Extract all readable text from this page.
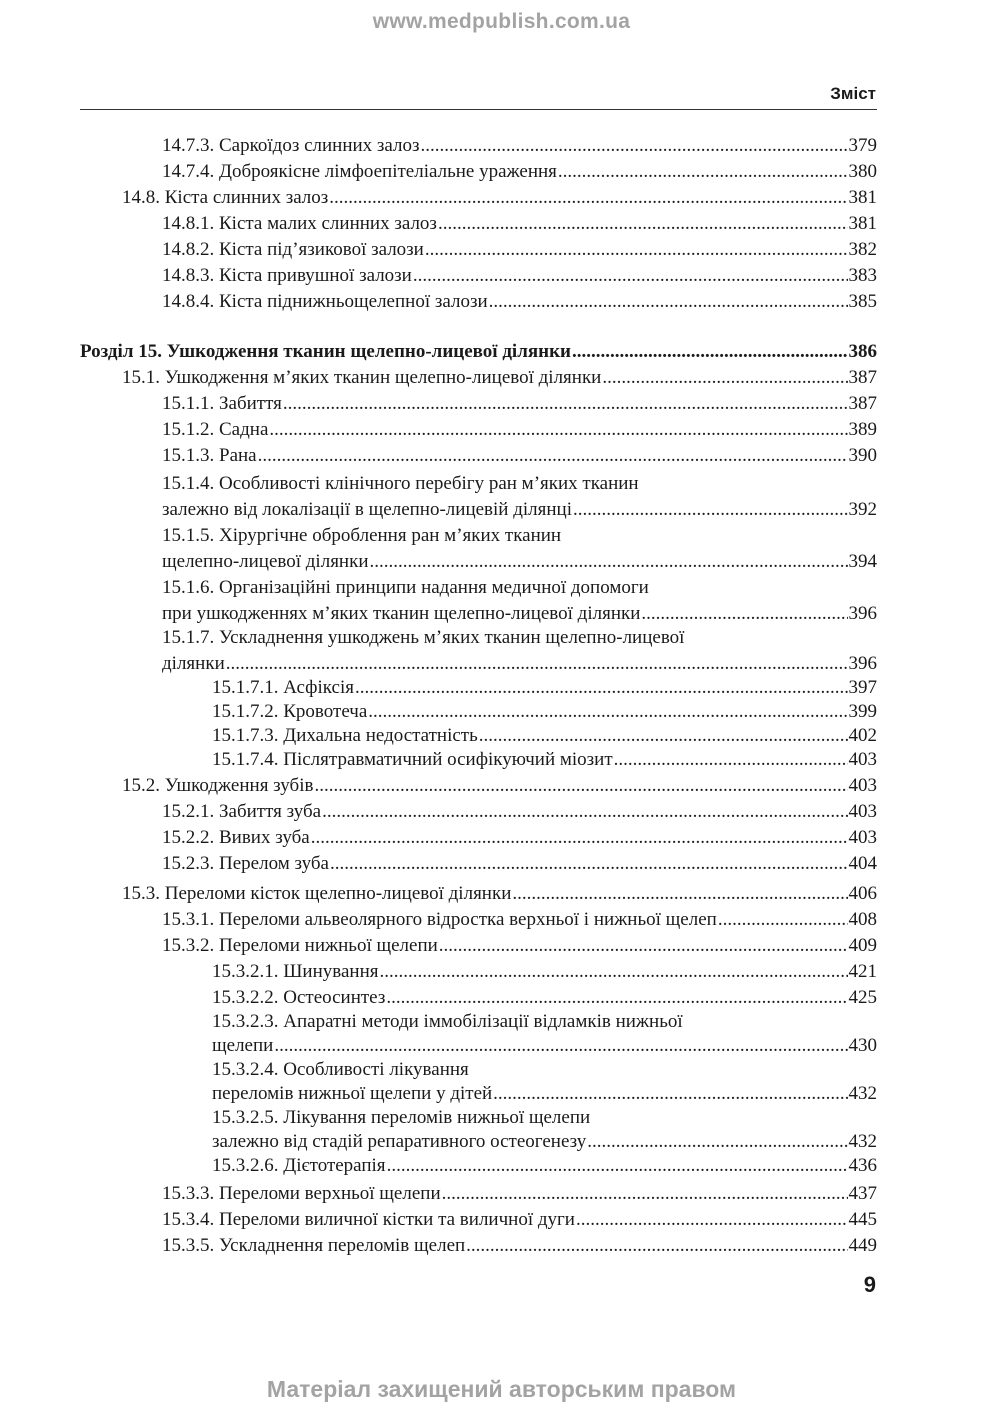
www.medpublish.com.ua
Зміст
14.7.3. Саркоїдоз слинних залоз .....	379
14.7.4. Доброякісне лімфоепітеліальне ураження .....	380
14.8. Кіста слинних залоз .....	381
14.8.1. Кіста малих слинних залоз .....	381
14.8.2. Кіста під’язикової залози .....	382
14.8.3. Кіста привушної залози .....	383
14.8.4. Кіста піднижньощелепної залози .....	385
Розділ 15. Ушкодження тканин щелепно-лицевої ділянки .....	386
15.1. Ушкодження м’яких тканин щелепно-лицевої ділянки .....	387
15.1.1. Забиття .....	387
15.1.2. Садна .....	389
15.1.3. Рана .....	390
15.1.4. Особливості клінічного перебігу ран м’яких тканин
залежно від локалізації в щелепно-лицевій ділянці .....	392
15.1.5. Хірургічне оброблення ран м’яких тканин
щелепно-лицевої ділянки .....	394
15.1.6. Організаційні принципи надання медичної допомоги
при ушкодженнях м’яких тканин щелепно-лицевої ділянки .....	396
15.1.7. Ускладнення ушкоджень м’яких тканин щелепно-лицевої
ділянки .....	396
15.1.7.1. Асфіксія .....	397
15.1.7.2. Кровотеча .....	399
15.1.7.3. Дихальна недостатність .....	402
15.1.7.4. Післятравматичний осифікуючий міозит .....	403
15.2. Ушкодження зубів .....	403
15.2.1. Забиття зуба .....	403
15.2.2. Вивих зуба .....	403
15.2.3. Перелом зуба .....	404
15.3. Переломи кісток щелепно-лицевої ділянки .....	406
15.3.1. Переломи альвеолярного відростка верхньої і нижньої щелеп .....	408
15.3.2. Переломи нижньої щелепи .....	409
15.3.2.1. Шинування .....	421
15.3.2.2. Остеосинтез .....	425
15.3.2.3. Апаратні методи іммобілізації відламків нижньої
щелепи .....	430
15.3.2.4. Особливості лікування
переломів нижньої щелепи у дітей .....	432
15.3.2.5. Лікування переломів нижньої щелепи
залежно від стадій репаративного остеогенезу .....	432
15.3.2.6. Дієтотерапія .....	436
15.3.3. Переломи верхньої щелепи .....	437
15.3.4. Переломи виличної кістки та виличної дуги .....	445
15.3.5. Ускладнення переломів щелеп .....	449
9
Матеріал захищений авторським правом
